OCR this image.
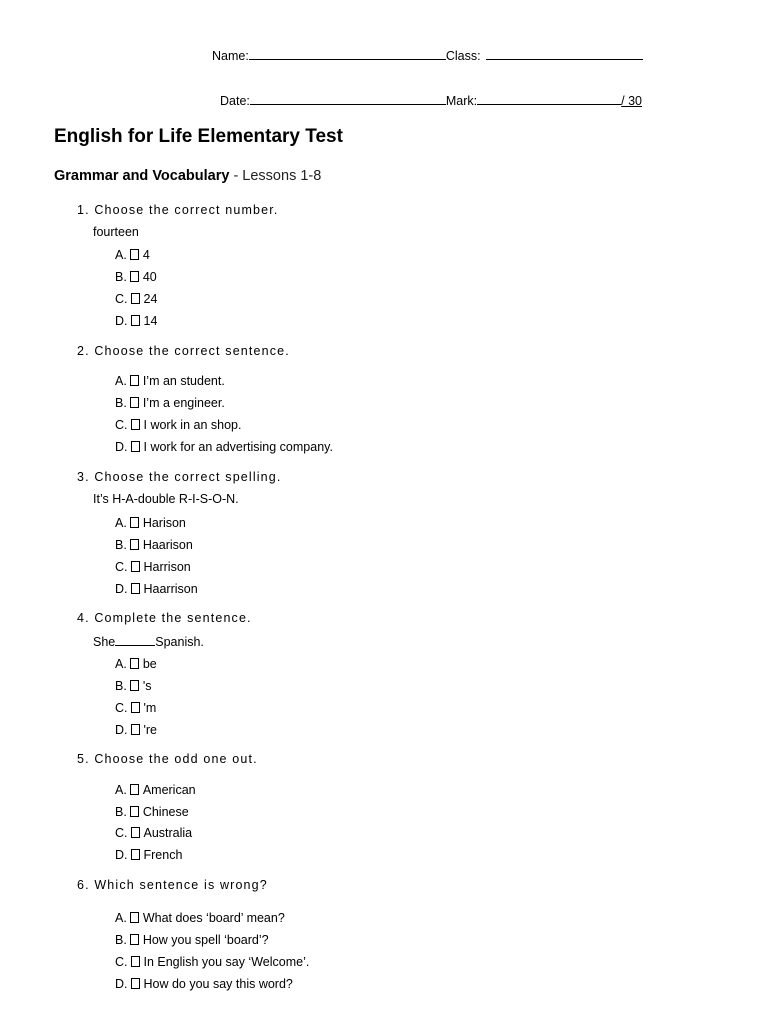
Name:	Class:
Date:	Mark:	/ 30
English for Life Elementary Test
Grammar and Vocabulary - Lessons 1-8
1. Choose the correct number.
fourteen
A. 4
B. 40
C. 24
D. 14
2. Choose the correct sentence.
A. I’m an student.
B. I’m a engineer.
C. I work in an shop.
D. I work for an advertising company.
3. Choose the correct spelling.
It’s H-A-double R-I-S-O-N.
A. Harison
B. Haarison
C. Harrison
D. Haarrison
4. Complete the sentence.
She	Spanish.
A. be
B. 's
C. 'm
D. 're
5. Choose the odd one out.
A. American
B. Chinese
C. Australia
D. French
6. Which sentence is wrong?
A. What does ‘board’ mean?
B. How you spell ‘board’?
C. In English you say ‘Welcome’.
D. How do you say this word?
